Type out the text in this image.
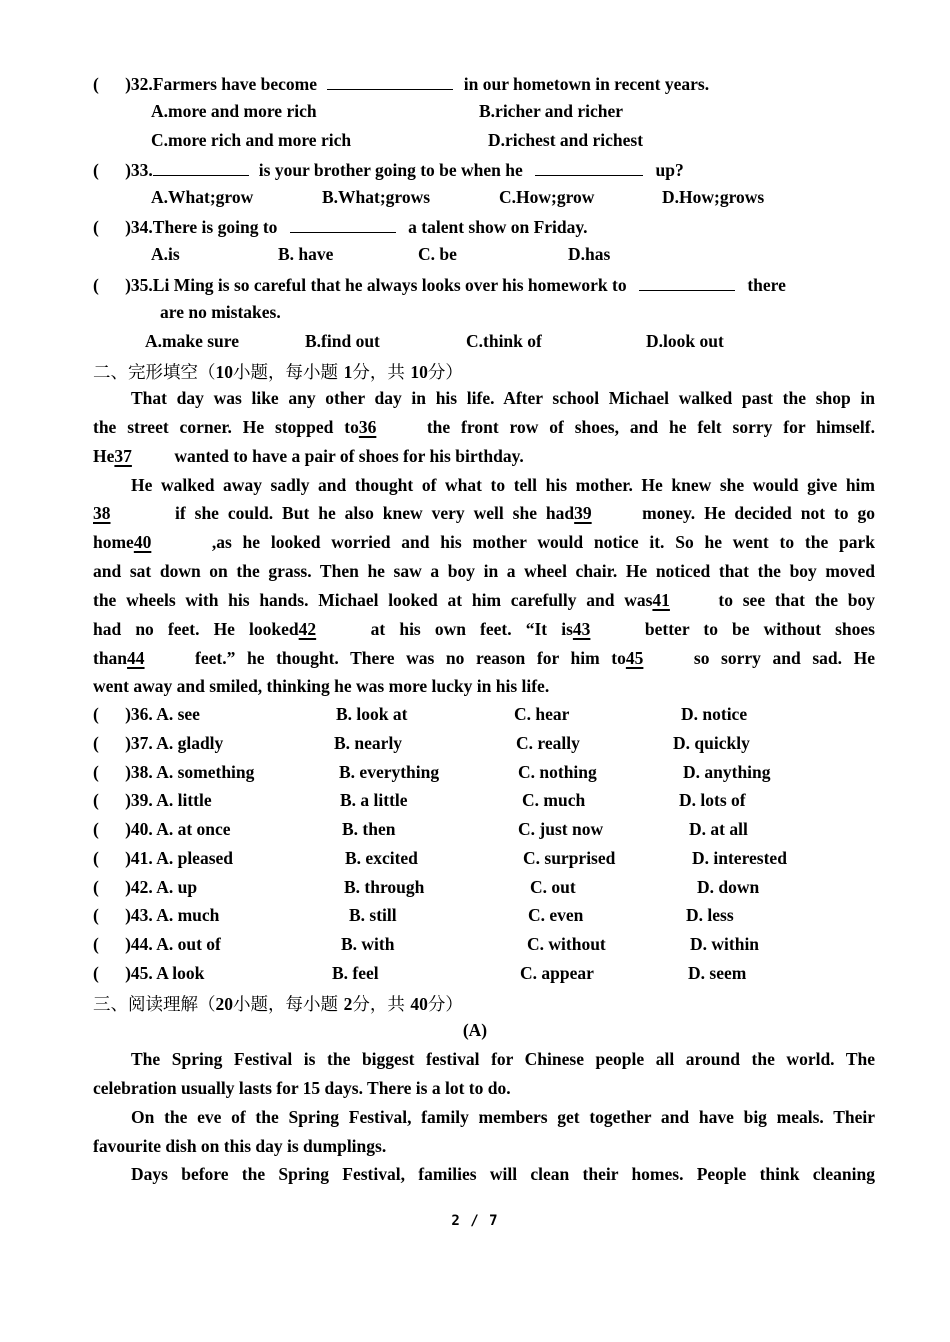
(      )32.Farmers have become	in our hometown in recent years.
A.more and more rich	B.richer and richer
C.more rich and more rich	D.richest and richest
(      )33.	is your brother going to be when he	up?
A.What;grow	B.What;grows	C.How;grow	D.How;grows
(      )34.There is going to	a talent show on Friday.
A.is	B. have	C. be	D.has
(      )35.Li Ming is so careful that he always looks over his homework to	there
are no mistakes.
A.make sure	B.find out	C.think of	D.look out
二、完形填空（10小题，每小题 1分，共 10分）
That day was like any other day in his life. After school Michael walked past the shop in
the street corner. He stopped to36	the front row of shoes, and he felt sorry for himself.
He37 wanted to have a pair of shoes for his birthday.
He walked away sadly and thought of what to tell his mother. He knew she would give him
38	if she could. But he also knew very well she had39	money. He decided not to go
home40	,as he looked worried and his mother would notice it. So he went to the park
and sat down on the grass. Then he saw a boy in a wheel chair. He noticed that the boy moved
the wheels with his hands. Michael looked at him carefully and was41	to see that the boy
had no feet. He looked42	at his own feet. “It is43	better to be without shoes
than44	feet.” he thought. There was no reason for him to45	so sorry and sad. He
went away and smiled, thinking he was more lucky in his life.
(      )36. A. see	B. look at	C. hear	D. notice
(      )37. A. gladly	B. nearly	C. really	D. quickly
(      )38. A. something	B. everything	C. nothing	D. anything
(      )39. A. little	B. a little	C. much	D. lots of
(      )40. A. at once	B. then	C. just now	D. at all
(      )41. A. pleased	B. excited	C. surprised	D. interested
(      )42. A. up	B. through	C. out	D. down
(      )43. A. much	B. still	C. even	D. less
(      )44. A. out of	B. with	C. without	D. within
(      )45. A look	B. feel	C. appear	D. seem
三、阅读理解（20小题，每小题 2分，共 40分）
(A)
The Spring Festival is the biggest festival for Chinese people all around the world. The
celebration usually lasts for 15 days. There is a lot to do.
On the eve of the Spring Festival, family members get together and have big meals. Their
favourite dish on this day is dumplings.
Days before the Spring Festival, families will clean their homes. People think cleaning
2 / 7
